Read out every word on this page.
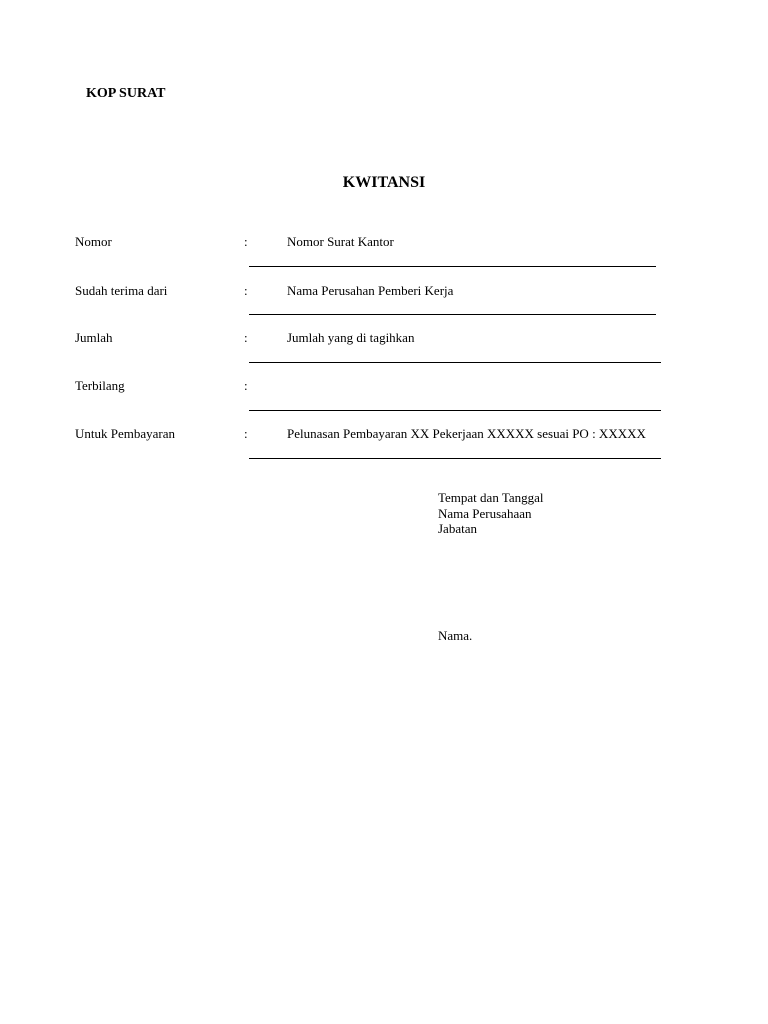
KOP SURAT
KWITANSI
Nomor	:	Nomor Surat Kantor
Sudah terima dari	:	Nama Perusahan Pemberi Kerja
Jumlah	:	Jumlah yang di tagihkan
Terbilang	:
Untuk Pembayaran	:	Pelunasan Pembayaran XX Pekerjaan XXXXX sesuai PO : XXXXX
Tempat dan Tanggal
Nama Perusahaan
Jabatan
Nama.
